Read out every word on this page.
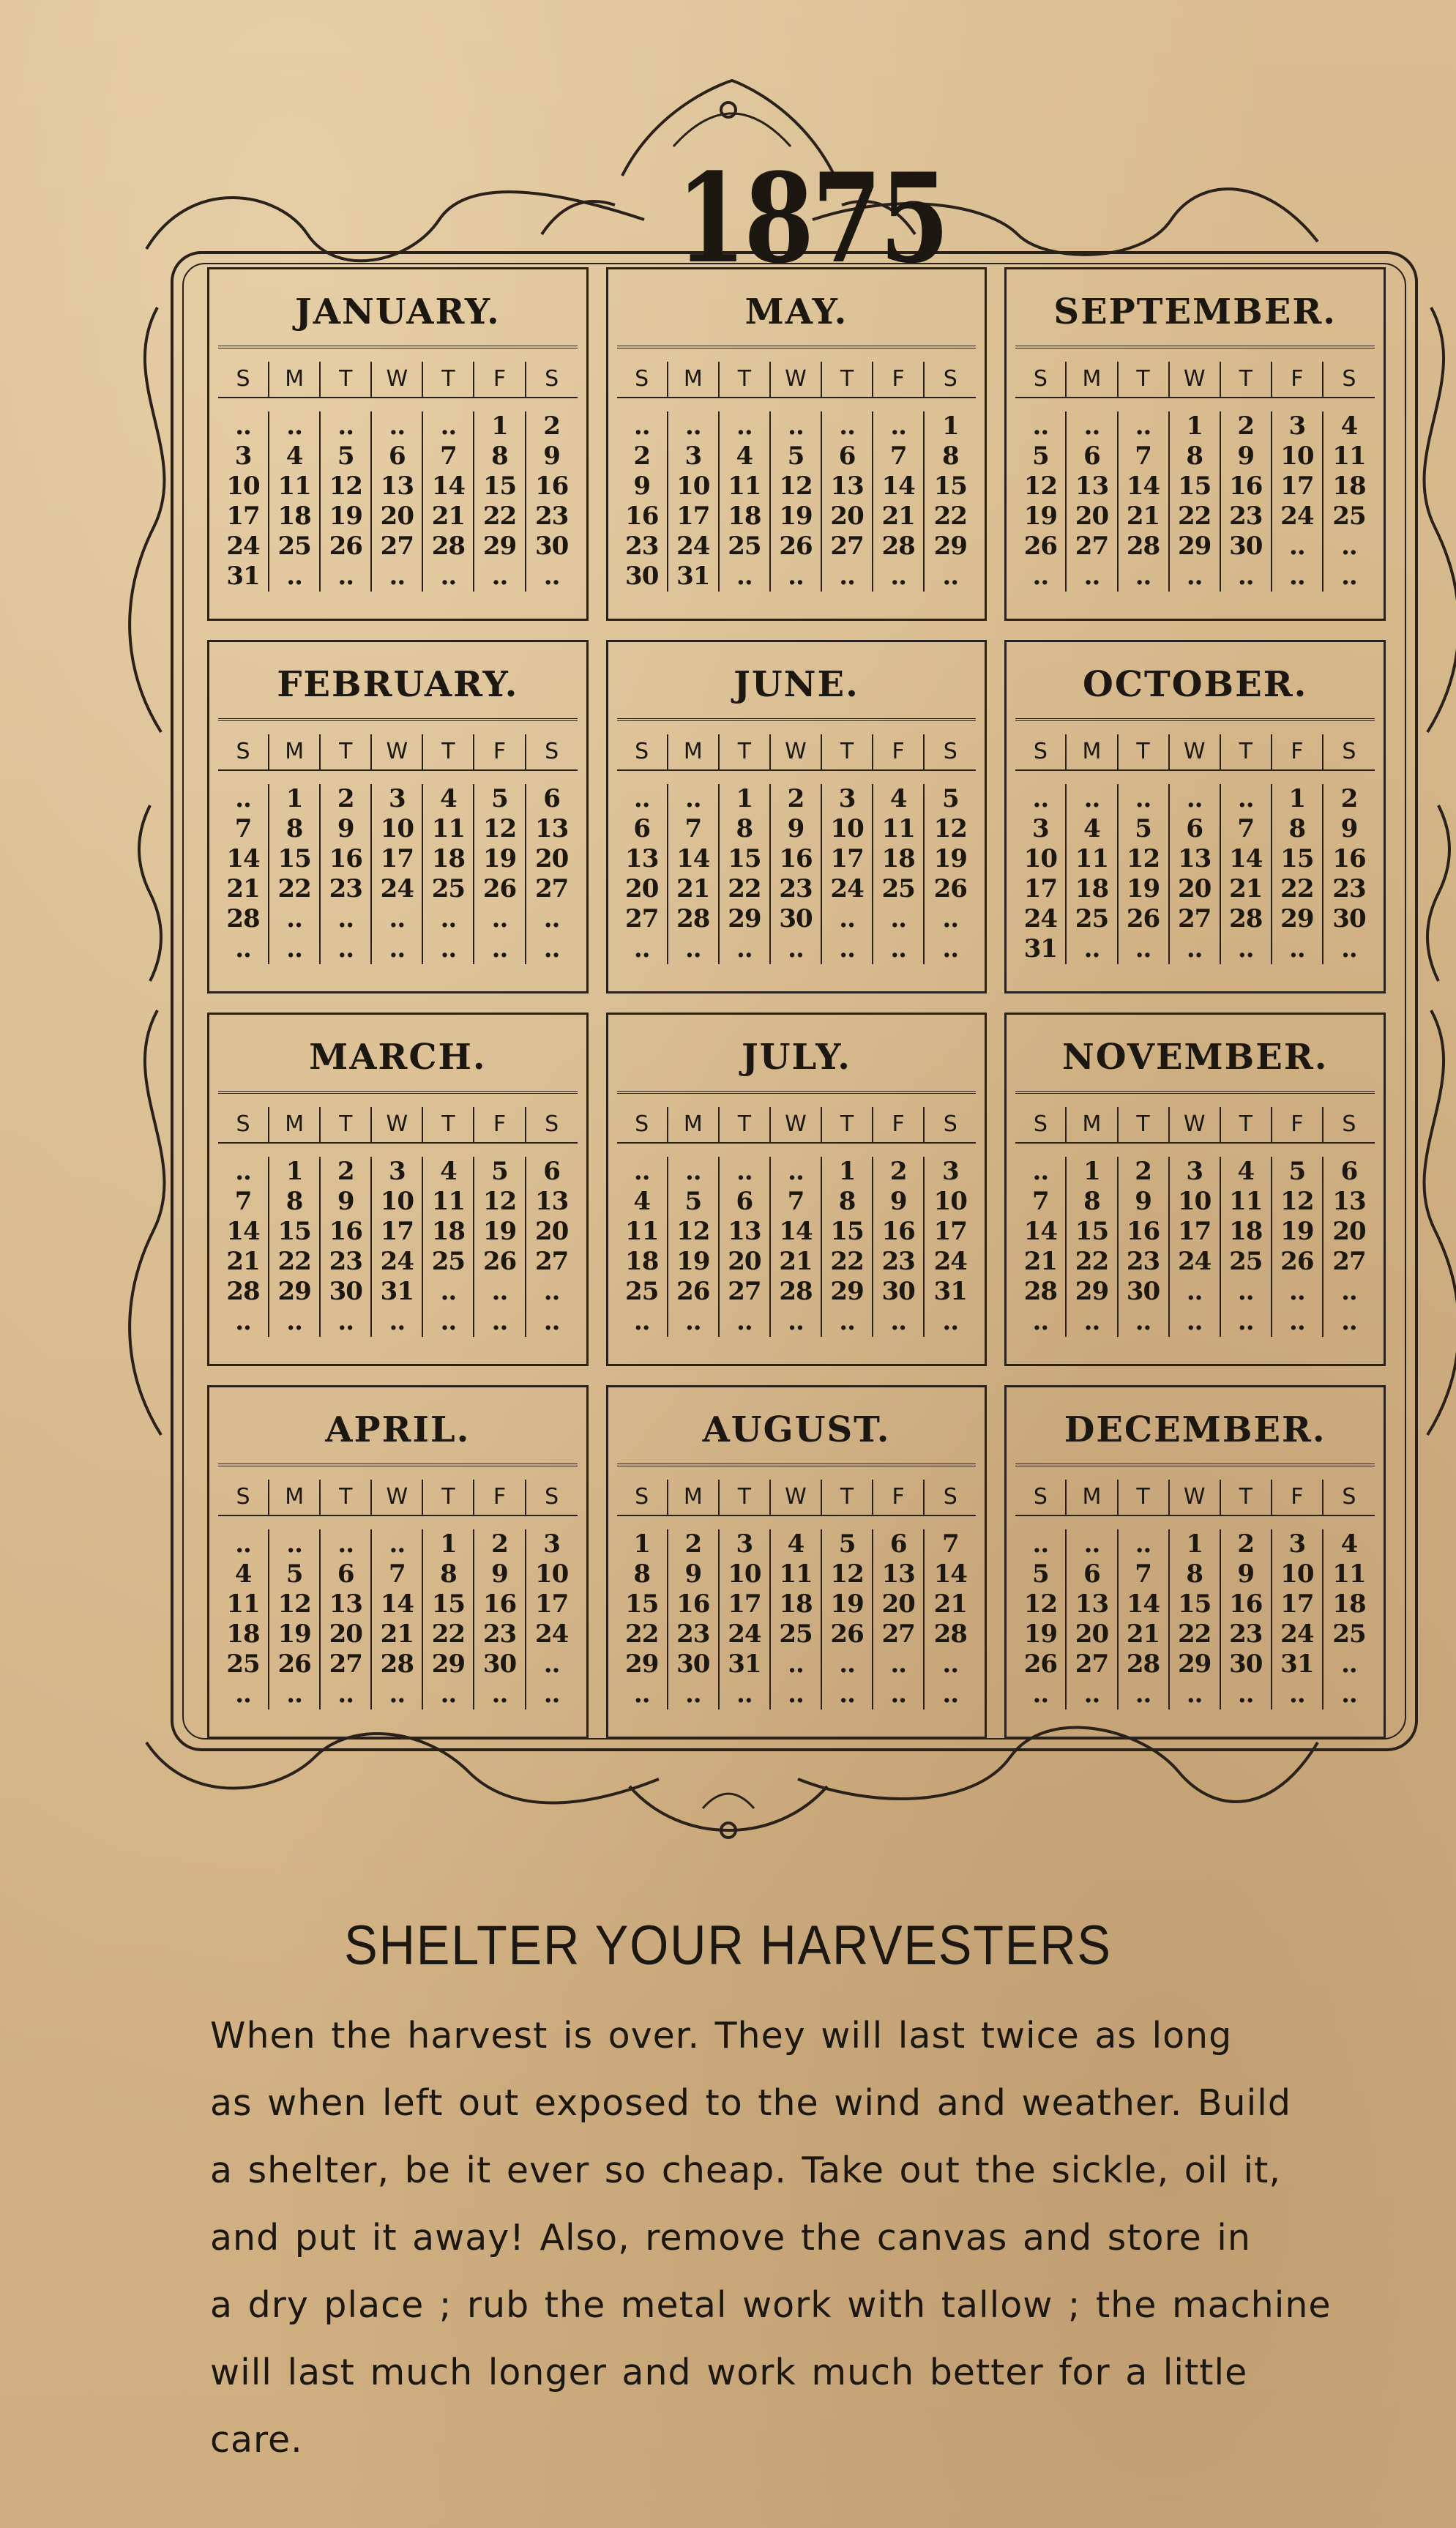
1875
JANUARY.
S	M	T	W	T	F	S
..	..	..	..	..	1	2
3	4	5	6	7	8	9
10 11 12 13 14 15 16
17 18 19 20 21 22 23
24 25 26 27 28 29 30
31	..	..	..	..	..	..
MAY.
S	M	T	W	T	F	S
..	..	..	..	..	..	1
2	3	4	5	6	7	8
9	10 11 12 13 14 15
16 17 18 19 20 21 22
23 24 25 26 27 28 29
30 31	..	..	..	..	..
SEPTEMBER.
S	M	T	W	T	F	S
..	..	..	1	2	3	4
5	6	7	8	9	10 11
12 13 14 15 16 17 18
19 20 21 22 23 24 25
26 27 28 29 30	..	..
..	..	..	..	..	..	..
FEBRUARY.
S	M	T	W	T	F	S
..	1	2	3	4	5	6
7	8	9	10 11 12 13
14 15 16 17 18 19 20
21 22 23 24 25 26 27
28	..	..	..	..	..	..
..	..	..	..	..	..	..
JUNE.
S	M	T	W	T	F	S
..	..	1	2	3	4	5
6	7	8	9	10 11 12
13 14 15 16 17 18 19
20 21 22 23 24 25 26
27 28 29 30	..	..	..
..	..	..	..	..	..	..
OCTOBER.
S	M	T	W	T	F	S
..	..	..	..	..	1	2
3	4	5	6	7	8	9
10 11 12 13 14 15 16
17 18 19 20 21 22 23
24 25 26 27 28 29 30
31	..	..	..	..	..	..
MARCH.
S	M	T	W	T	F	S
..	1	2	3	4	5	6
7	8	9	10 11 12 13
14 15 16 17 18 19 20
21 22 23 24 25 26 27
28 29 30 31	..	..	..
..	..	..	..	..	..	..
JULY.
S	M	T	W	T	F	S
..	..	..	..	1	2	3
4	5	6	7	8	9	10
11 12 13 14 15 16 17
18 19 20 21 22 23 24
25 26 27 28 29 30 31
..	..	..	..	..	..	..
NOVEMBER.
S	M	T	W	T	F	S
..	1	2	3	4	5	6
7	8	9	10 11 12 13
14 15 16 17 18 19 20
21 22 23 24 25 26 27
28 29 30	..	..	..	..
..	..	..	..	..	..	..
APRIL.
S	M	T	W	T	F	S
..	..	..	..	1	2	3
4	5	6	7	8	9	10
11 12 13 14 15 16 17
18 19 20 21 22 23 24
25 26 27 28 29 30	..
..	..	..	..	..	..	..
AUGUST.
S	M	T	W	T	F	S
1	2	3	4	5	6	7
8	9	10 11 12 13 14
15 16 17 18 19 20 21
22 23 24 25 26 27 28
29 30 31	..	..	..	..
..	..	..	..	..	..	..
DECEMBER.
S	M	T	W	T	F	S
..	..	..	1	2	3	4
5	6	7	8	9	10 11
12 13 14 15 16 17 18
19 20 21 22 23 24 25
26 27 28 29 30 31	..
..	..	..	..	..	..	..
SHELTER YOUR HARVESTERS
When the harvest is over. They will last twice as long
as when left out exposed to the wind and weather. Build
a shelter, be it ever so cheap. Take out the sickle, oil it,
and put it away! Also, remove the canvas and store in
a dry place ; rub the metal work with tallow ; the machine
will last much longer and work much better for a little
care.
